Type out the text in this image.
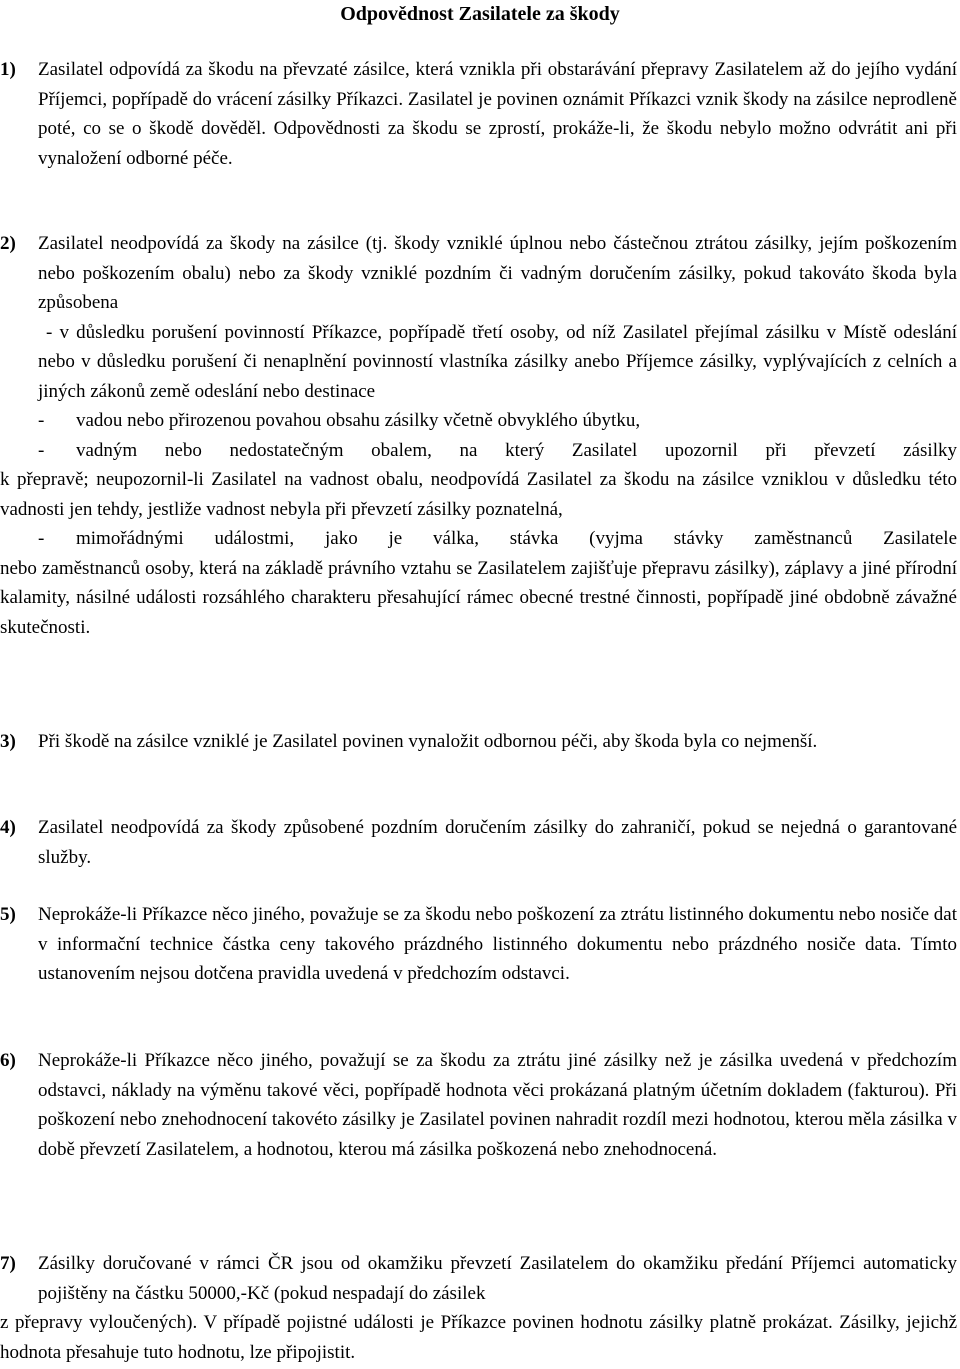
Odpovědnost Zasilatele za škody
1) Zasilatel odpovídá za škodu na převzaté zásilce, která vznikla při obstarávání přepravy Zasilatelem až do jejího vydání Příjemci, popřípadě do vrácení zásilky Příkazci. Zasilatel je povinen oznámit Příkazci vznik škody na zásilce neprodleně poté, co se o škodě dověděl. Odpovědnosti za škodu se zprostí, prokáže-li, že škodu nebylo možno odvrátit ani při vynaložení odborné péče.
2) Zasilatel neodpovídá za škody na zásilce (tj. škody vzniklé úplnou nebo částečnou ztrátou zásilky, jejím poškozením nebo poškozením obalu) nebo za škody vzniklé pozdním či vadným doručením zásilky, pokud takováto škoda byla způsobena
- v důsledku porušení povinností Příkazce, popřípadě třetí osoby, od níž Zasilatel přejímal zásilku v Místě odeslání nebo v důsledku porušení či nenaplnění povinností vlastníka zásilky anebo Příjemce zásilky, vyplývajících z celních a jiných zákonů země odeslání nebo destinace
-	vadou nebo přirozenou povahou obsahu zásilky včetně obvyklého úbytku,
-	vadným nebo nedostatečným obalem, na který Zasilatel upozornil při převzetí zásilky
k přepravě; neupozornil-li Zasilatel na vadnost obalu, neodpovídá Zasilatel za škodu na zásilce vzniklou v důsledku této vadnosti jen tehdy, jestliže vadnost nebyla při převzetí zásilky poznatelná,
-	mimořádnými událostmi, jako je válka, stávka (vyjma stávky zaměstnanců Zasilatele
nebo zaměstnanců osoby, která na základě právního vztahu se Zasilatelem zajišťuje přepravu zásilky), záplavy a jiné přírodní kalamity, násilné události rozsáhlého charakteru přesahující rámec obecné trestné činnosti, popřípadě jiné obdobně závažné skutečnosti.
3) Při škodě na zásilce vzniklé je Zasilatel povinen vynaložit odbornou péči, aby škoda byla co nejmenší.
4) Zasilatel neodpovídá za škody způsobené pozdním doručením zásilky do zahraničí, pokud se nejedná o garantované služby.
5) Neprokáže-li Příkazce něco jiného, považuje se za škodu nebo poškození za ztrátu listinného dokumentu nebo nosiče dat v informační technice částka ceny takového prázdného listinného dokumentu nebo prázdného nosiče data. Tímto ustanovením nejsou dotčena pravidla uvedená v předchozím odstavci.
6) Neprokáže-li Příkazce něco jiného, považují se za škodu za ztrátu jiné zásilky než je zásilka uvedená v předchozím odstavci, náklady na výměnu takové věci, popřípadě hodnota věci prokázaná platným účetním dokladem (fakturou). Při poškození nebo znehodnocení takovéto zásilky je Zasilatel povinen nahradit rozdíl mezi hodnotou, kterou měla zásilka v době převzetí Zasilatelem, a hodnotou, kterou má zásilka poškozená nebo znehodnocená.
7) Zásilky doručované v rámci ČR jsou od okamžiku převzetí Zasilatelem do okamžiku předání Příjemci automaticky pojištěny na částku 50000,-Kč (pokud nespadají do zásilek
z přepravy vyloučených). V případě pojistné události je Příkazce povinen hodnotu zásilky platně prokázat. Zásilky, jejichž hodnota přesahuje tuto hodnotu, lze připojistit.
